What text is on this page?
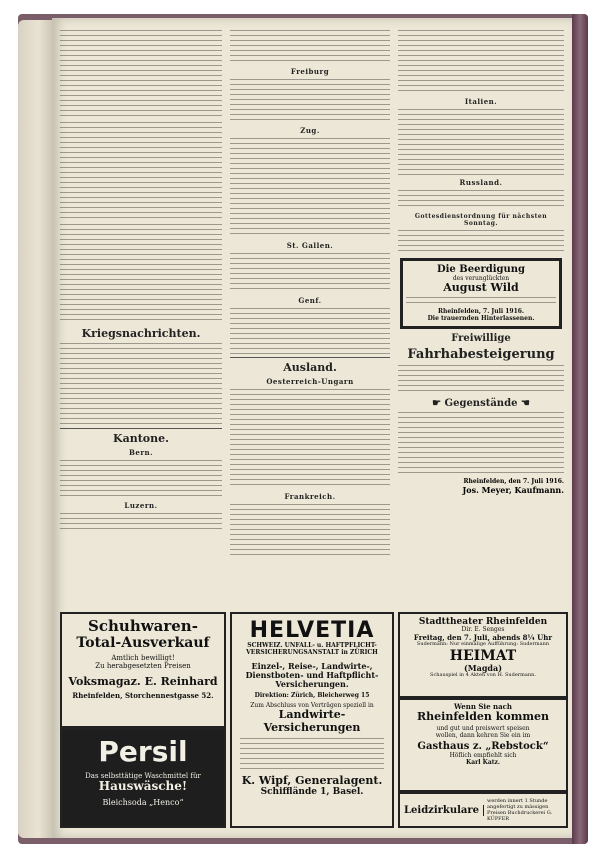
Kriegsnachrichten.
Kantone.
Bern.
Luzern.
Freiburg
Zug.
St. Gallen.
Genf.
Ausland.
Oesterreich-Ungarn
Frankreich.
Italien.
Russland.
Gottesdienstordnung für nächsten Sonntag.
Die Beerdigung
des verunglückten
August Wild
Rheinfelden, 7. Juli 1916.
Die trauernden Hinterlassenen.
Freiwillige
Fahrhabesteigerung
☛ Gegenstände ☚
Rheinfelden, den 7. Juli 1916.
Jos. Meyer, Kaufmann.
Schuhwaren-
Total-Ausverkauf
Amtlich bewilligt!
Zu herabgesetzten Preisen
Voksmagaz. E. Reinhard
Rheinfelden, Storchennestgasse 52.
Persil
Das selbsttätige Waschmittel für
Hauswäsche!
Bleichsoda „Henco“
HELVETIA
SCHWEIZ. UNFALL- u. HAFTPFLICHT-
VERSICHERUNGSANSTALT in ZÜRICH
Einzel-, Reise-, Landwirte-,
Dienstboten- und Haftpflicht-
Versicherungen.
Direktion: Zürich, Bleicherweg 15
Zum Abschluss von Verträgen speziell in
Landwirte-Versicherungen
K. Wipf, Generalagent.
Schifflände 1, Basel.
Stadttheater Rheinfelden
Dir. E. Senges
Freitag, den 7. Juli, abends 8¼ Uhr
Sudermann: Nur einmalige Aufführung: Sudermann
HEIMAT
(Magda)
Schauspiel in 4 Akten von H. Sudermann.
Wenn Sie nach
Rheinfelden kommen
und gut und preiswert speisen
wollen, dann kehren Sie ein im
Gasthaus z. „Rebstock“
Höflich empfiehlt sich
Karl Katz.
Leidzirkulare
werden innert 1 Stunde angefertigt zu mässigen Preisen Buchdruckerei G. KÜPFER
